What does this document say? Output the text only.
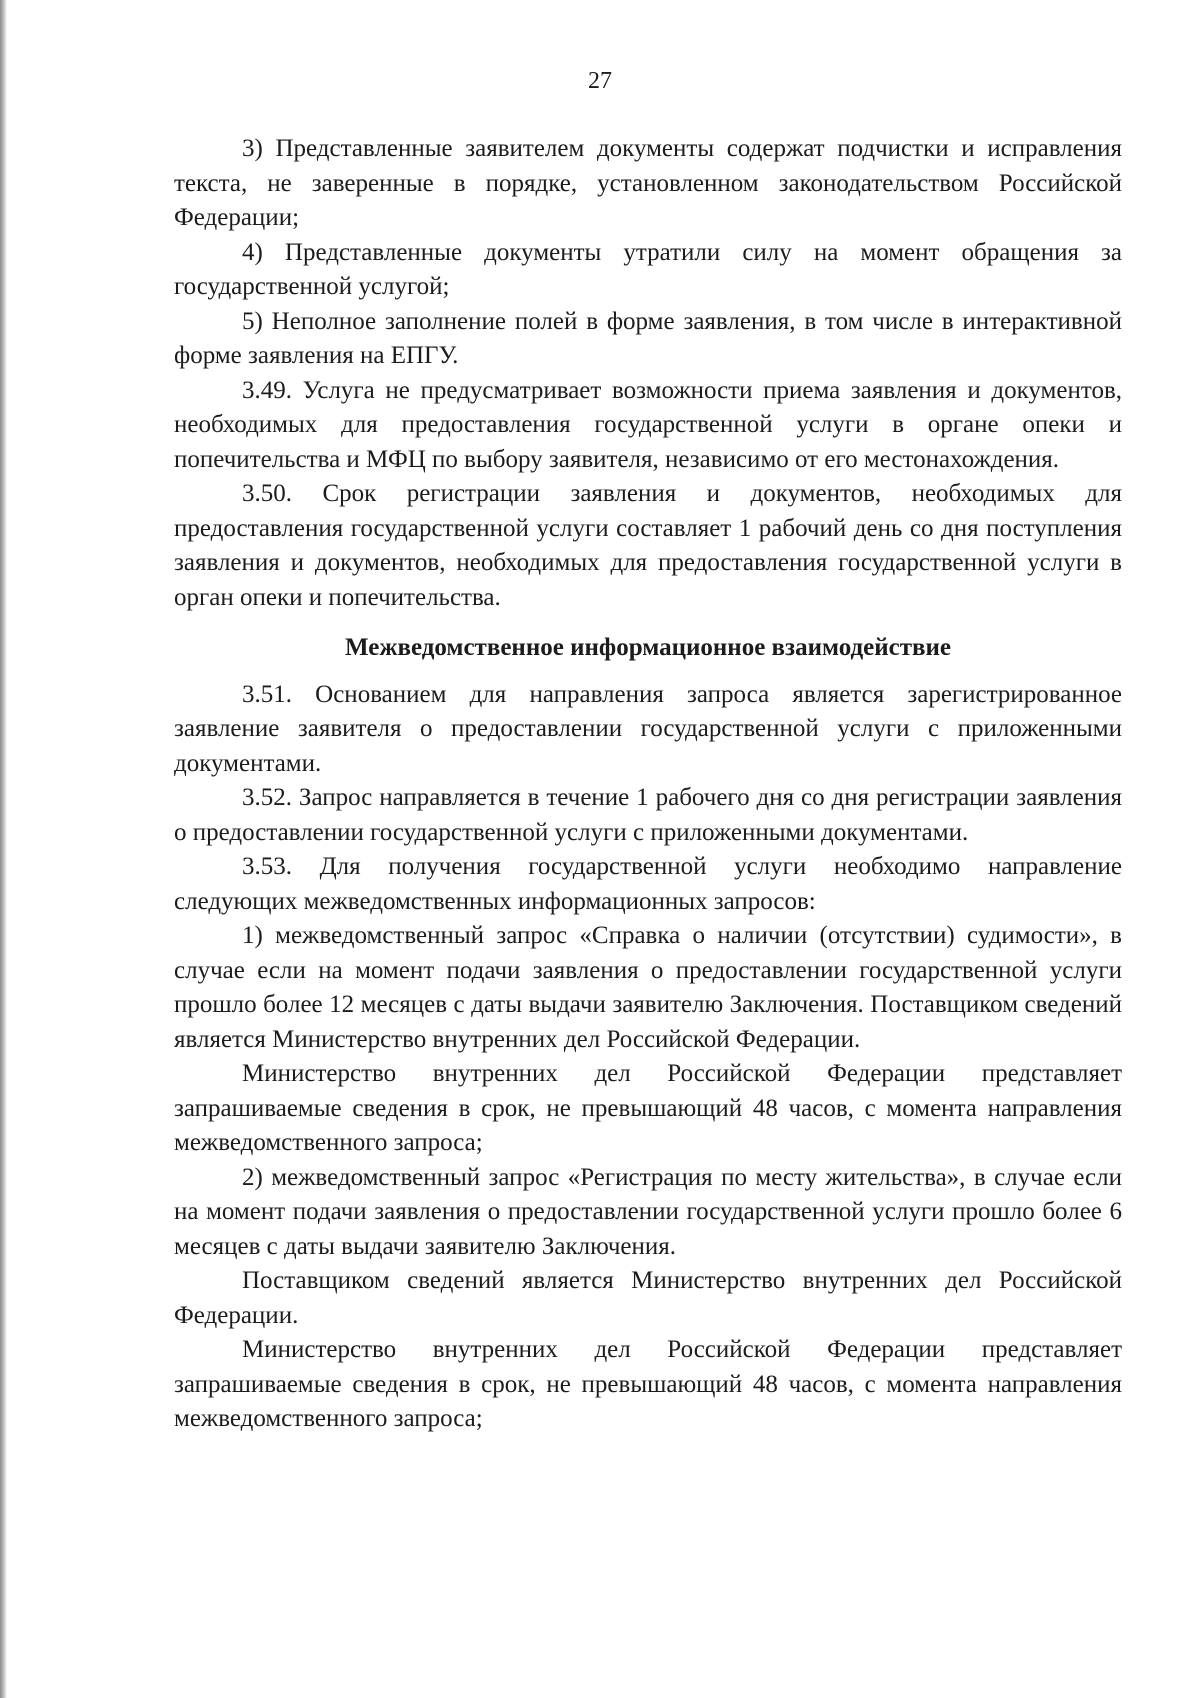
27

3) Представленные заявителем документы содержат подчистки и исправления текста, не заверенные в порядке, установленном законодательством Российской Федерации;

4) Представленные документы утратили силу на момент обращения за государственной услугой;

5) Неполное заполнение полей в форме заявления, в том числе в интерактивной форме заявления на ЕПГУ.

3.49. Услуга не предусматривает возможности приема заявления и документов, необходимых для предоставления государственной услуги в органе опеки и попечительства и МФЦ по выбору заявителя, независимо от его местонахождения.

3.50. Срок регистрации заявления и документов, необходимых для предоставления государственной услуги составляет 1 рабочий день со дня поступления заявления и документов, необходимых для предоставления государственной услуги в орган опеки и попечительства.

Межведомственное информационное взаимодействие

3.51. Основанием для направления запроса является зарегистрированное заявление заявителя о предоставлении государственной услуги с приложенными документами.

3.52. Запрос направляется в течение 1 рабочего дня со дня регистрации заявления о предоставлении государственной услуги с приложенными документами.

3.53. Для получения государственной услуги необходимо направление следующих межведомственных информационных запросов:

1) межведомственный запрос «Справка о наличии (отсутствии) судимости», в случае если на момент подачи заявления о предоставлении государственной услуги прошло более 12 месяцев с даты выдачи заявителю Заключения. Поставщиком сведений является Министерство внутренних дел Российской Федерации.

Министерство внутренних дел Российской Федерации представляет запрашиваемые сведения в срок, не превышающий 48 часов, с момента направления межведомственного запроса;

2) межведомственный запрос «Регистрация по месту жительства», в случае если на момент подачи заявления о предоставлении государственной услуги прошло более 6 месяцев с даты выдачи заявителю Заключения.

Поставщиком сведений является Министерство внутренних дел Российской Федерации.

Министерство внутренних дел Российской Федерации представляет запрашиваемые сведения в срок, не превышающий 48 часов, с момента направления межведомственного запроса;
